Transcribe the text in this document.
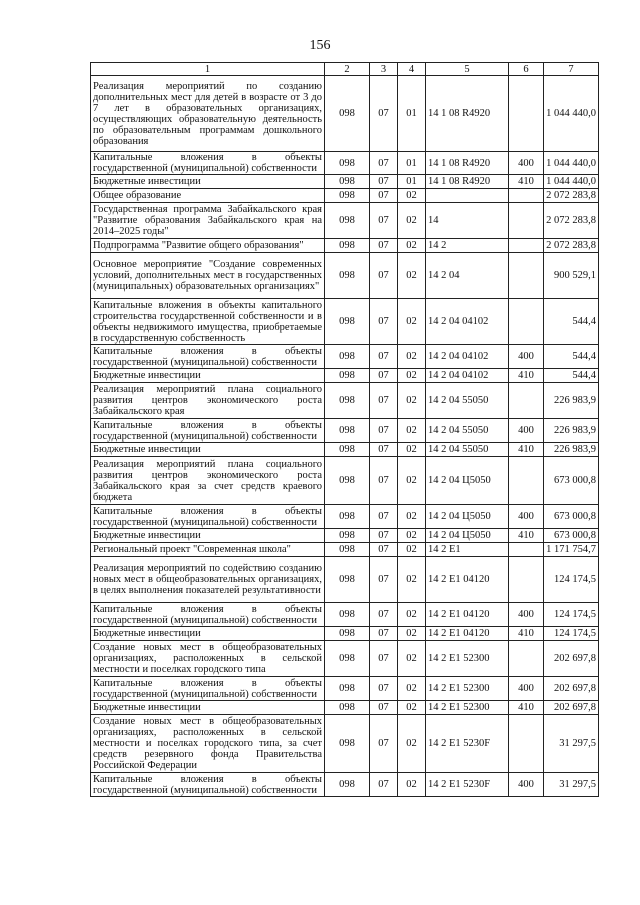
156
1	2	3	4	5	6	7
Реализация мероприятий по созданию дополнительных мест для детей в возрасте от 3 до 7 лет в образовательных организациях, осуществляющих образовательную деятельность по образовательным программам дошкольного образования	098	07	01	14 1 08 R4920		1 044 440,0
Капитальные вложения в объекты государственной (муниципальной) собственности	098	07	01	14 1 08 R4920	400	1 044 440,0
Бюджетные инвестиции	098	07	01	14 1 08 R4920	410	1 044 440,0
Общее образование	098	07	02			2 072 283,8
Государственная программа Забайкальского края "Развитие образования Забайкальского края на 2014–2025 годы"	098	07	02	14		2 072 283,8
Подпрограмма "Развитие общего образования"	098	07	02	14 2		2 072 283,8
Основное мероприятие "Создание современных условий, дополнительных мест в государственных (муниципальных) образовательных организациях"	098	07	02	14 2 04		900 529,1
Капитальные вложения в объекты капитального строительства государственной собственности и в объекты недвижимого имущества, приобретаемые в государственную собственность	098	07	02	14 2 04 04102		544,4
Капитальные вложения в объекты государственной (муниципальной) собственности	098	07	02	14 2 04 04102	400	544,4
Бюджетные инвестиции	098	07	02	14 2 04 04102	410	544,4
Реализация мероприятий плана социального развития центров экономического роста Забайкальского края	098	07	02	14 2 04 55050		226 983,9
Капитальные вложения в объекты государственной (муниципальной) собственности	098	07	02	14 2 04 55050	400	226 983,9
Бюджетные инвестиции	098	07	02	14 2 04 55050	410	226 983,9
Реализация мероприятий плана социального развития центров экономического роста Забайкальского края за счет средств краевого бюджета	098	07	02	14 2 04 Ц5050		673 000,8
Капитальные вложения в объекты государственной (муниципальной) собственности	098	07	02	14 2 04 Ц5050	400	673 000,8
Бюджетные инвестиции	098	07	02	14 2 04 Ц5050	410	673 000,8
Региональный проект "Современная школа"	098	07	02	14 2 E1		1 171 754,7
Реализация мероприятий по содействию созданию новых мест в общеобразовательных организациях, в целях выполнения показателей результативности	098	07	02	14 2 E1 04120		124 174,5
Капитальные вложения в объекты государственной (муниципальной) собственности	098	07	02	14 2 E1 04120	400	124 174,5
Бюджетные инвестиции	098	07	02	14 2 E1 04120	410	124 174,5
Создание новых мест в общеобразовательных организациях, расположенных в сельской местности и поселках городского типа	098	07	02	14 2 E1 52300		202 697,8
Капитальные вложения в объекты государственной (муниципальной) собственности	098	07	02	14 2 E1 52300	400	202 697,8
Бюджетные инвестиции	098	07	02	14 2 E1 52300	410	202 697,8
Создание новых мест в общеобразовательных организациях, расположенных в сельской местности и поселках городского типа, за счет средств резервного фонда Правительства Российской Федерации	098	07	02	14 2 E1 5230F		31 297,5
Капитальные вложения в объекты государственной (муниципальной) собственности	098	07	02	14 2 E1 5230F	400	31 297,5
